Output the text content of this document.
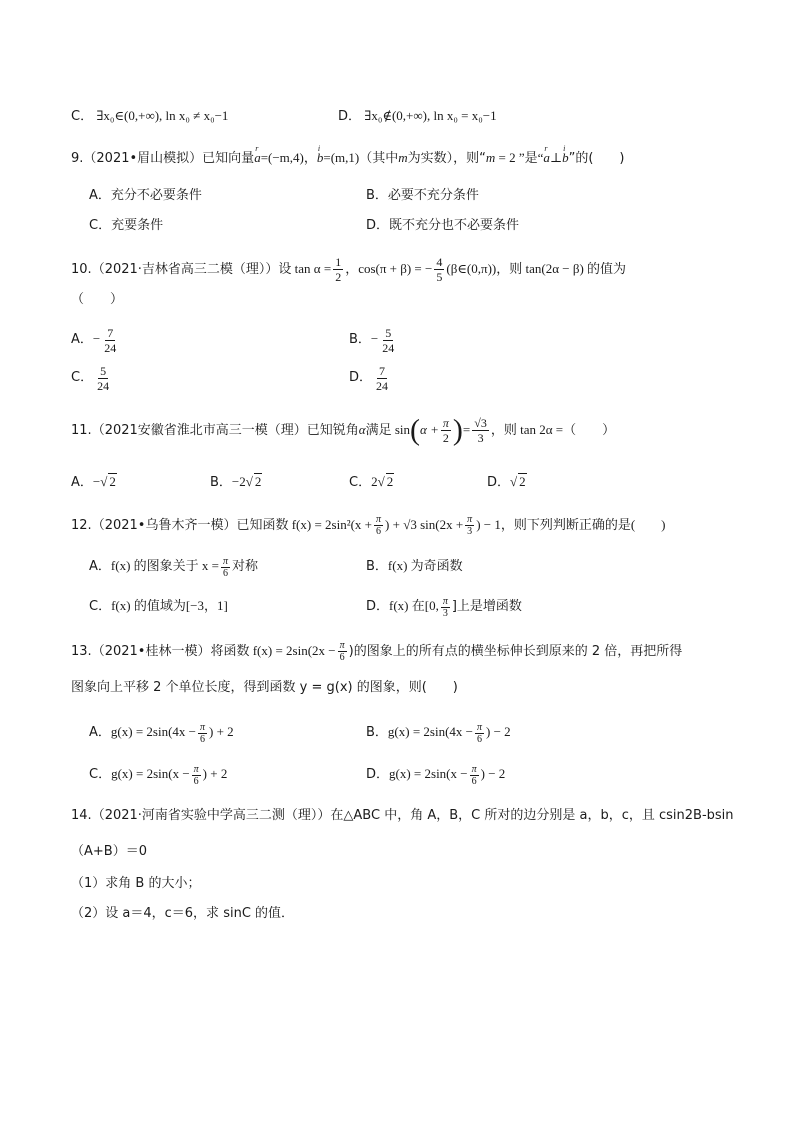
C． ∃x₀∈(0,+∞), ln x₀ ≠ x₀−1	D． ∃x₀∉(0,+∞), ln x₀ = x₀−1
9.（2021•眉山模拟）已知向量r a=(−m,4)，i b=(m,1)（其中m为实数），则“m = 2 ”是“r a⊥i b”的(　　)
A．充分不必要条件	B．必要不充分条件
C．充要条件	D．既不充分也不必要条件
10.（2021·吉林省高三二模（理））设 $\tan \alpha = \frac{1}{2}$ ，cos(π + β) = − $\frac{4}{5}$ (β∈(0,π))，则 tan(2α − β) 的值为
（　　）
A．− $\frac{7}{24}$	B．− $\frac{5}{24}$
C． $\frac{5}{24}$	D． $\frac{7}{24}$
11.（2021安徽省淮北市高三一模（理）已知锐角α满足 $\sin(\alpha + \frac{\pi}{2}$ )= $\frac{√3}{3}$ ，则 tan 2α =（　　）
A．−√ 2	B．−2√ 2	C．2√ 2	D．√ 2
12.（2021•乌鲁木齐一模）已知函数 $f(x) = 2\sin^2(x + \frac{\pi}{6}$ ) + √3 $\sin(2x + \frac{\pi}{3}$ ) − 1，则下列判断正确的是(　　)
A．f(x) 的图象关于 $x = \frac{\pi}{6}$ 对称	B．f(x) 为奇函数
C．f(x) 的值域为[−3，1]	D．f(x) 在[0, $\frac{\pi}{3}$ ]上是增函数
13.（2021•桂林一模）将函数 $f(x) = 2\sin(2x - \frac{\pi}{6}$ )的图象上的所有点的横坐标伸长到原来的 2 倍，再把所得
图象向上平移 2 个单位长度，得到函数 y = g(x) 的图象，则(　　)
A．$g(x) = 2\sin(4x - \frac{\pi}{6}$ ) + 2	B．$g(x) = 2\sin(4x - \frac{\pi}{6}$ ) − 2
C．$g(x) = 2\sin(x - \frac{\pi}{6}$ ) + 2	D．$g(x) = 2\sin(x - \frac{\pi}{6}$ ) − 2
14.（2021·河南省实验中学高三二测（理））在△ABC 中，角 A，B，C 所对的边分别是 a，b，c，且 csin2B-bsin
（A+B）＝0
（1）求角 B 的大小；
（2）设 a＝4，c＝6，求 sinC 的值．
